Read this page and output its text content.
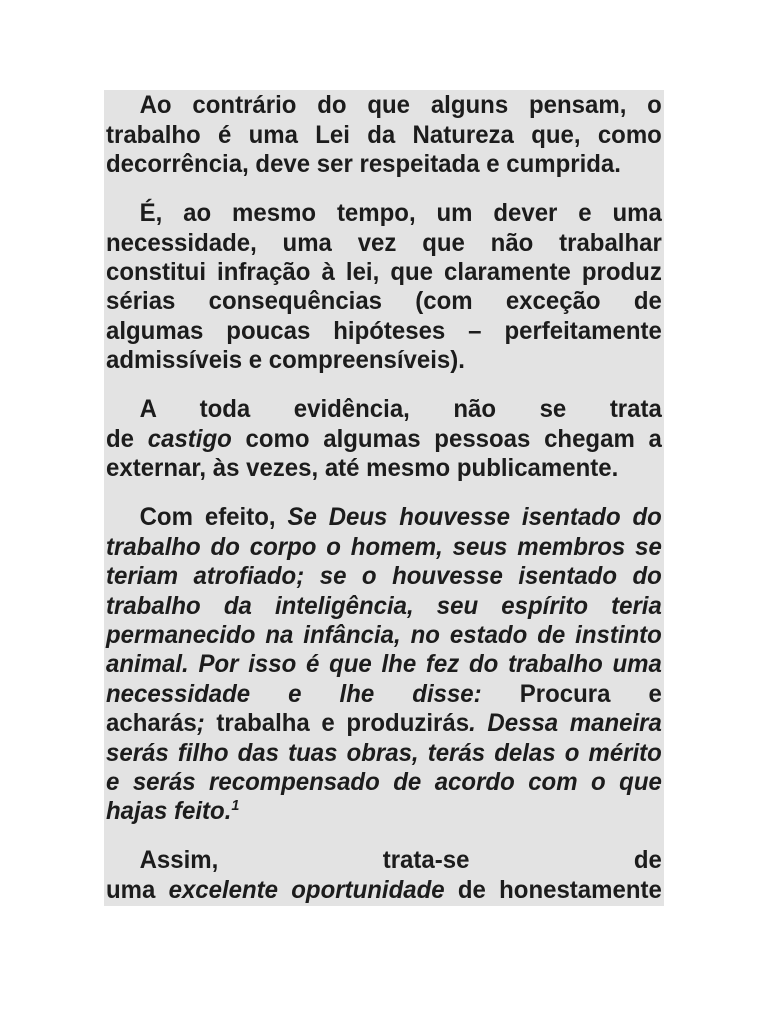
Ao contrário do que alguns pensam, o
trabalho é uma Lei da Natureza que, como
decorrência, deve ser respeitada e cumprida.
É, ao mesmo tempo, um dever e uma
necessidade, uma vez que não trabalhar
constitui infração à lei, que claramente produz
sérias consequências (com exceção de
algumas poucas hipóteses – perfeitamente
admissíveis e compreensíveis).
A toda evidência, não se trata
de castigo como algumas pessoas chegam a
externar, às vezes, até mesmo publicamente.
Com efeito, Se Deus houvesse isentado do
trabalho do corpo o homem, seus membros se
teriam atrofiado; se o houvesse isentado do
trabalho da inteligência, seu espírito teria
permanecido na infância, no estado de instinto
animal. Por isso é que lhe fez do trabalho uma
necessidade e lhe disse: Procura e
acharás; trabalha e produzirás. Dessa maneira
serás filho das tuas obras, terás delas o mérito
e serás recompensado de acordo com o que
hajas feito.$^1$
Assim, trata-se de
uma excelente oportunidade de honestamente
